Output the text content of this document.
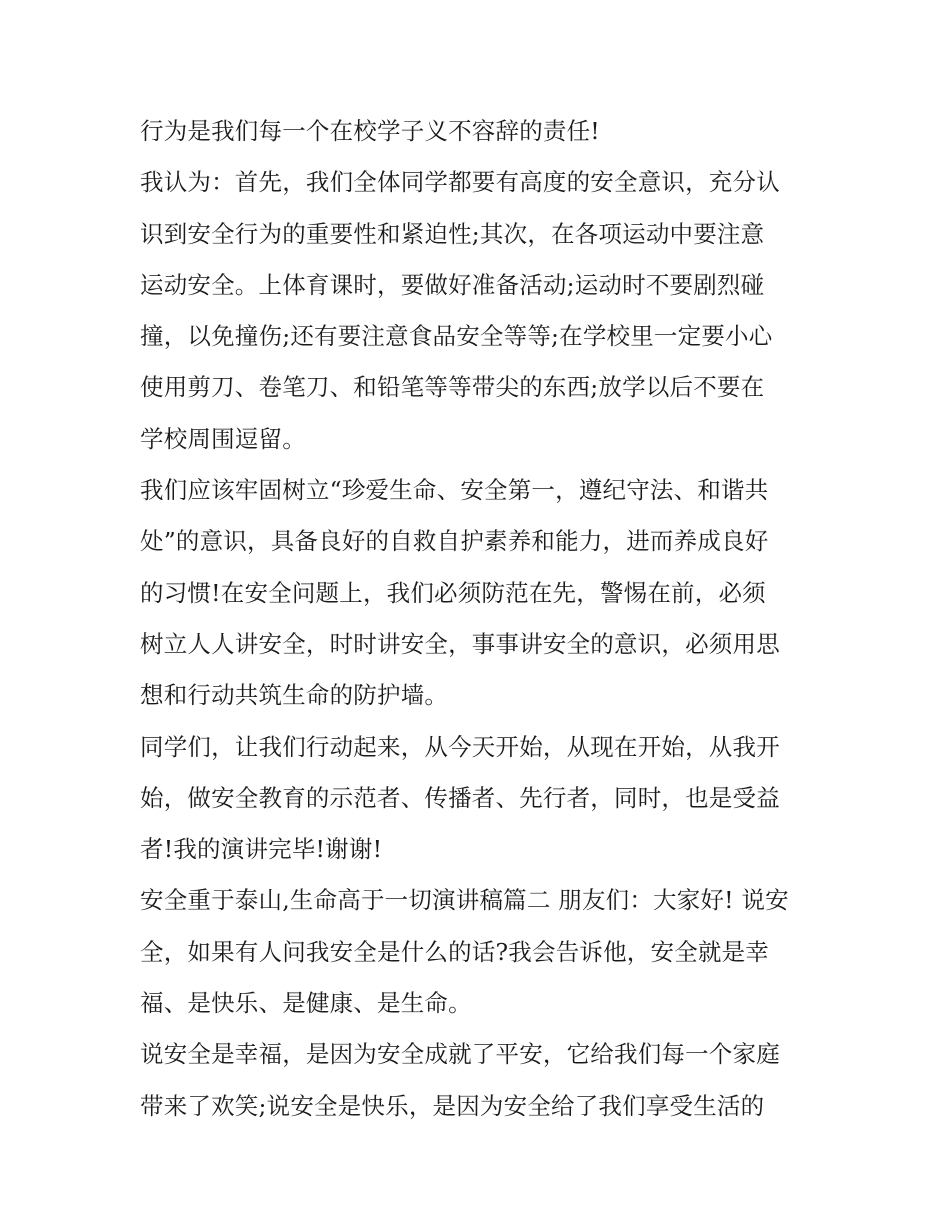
行为是我们每一个在校学子义不容辞的责任!
我认为：首先，我们全体同学都要有高度的安全意识，充分认
识到安全行为的重要性和紧迫性;其次，在各项运动中要注意
运动安全。上体育课时，要做好准备活动;运动时不要剧烈碰
撞，以免撞伤;还有要注意食品安全等等;在学校里一定要小心
使用剪刀、卷笔刀、和铅笔等等带尖的东西;放学以后不要在
学校周围逗留。
我们应该牢固树立“珍爱生命、安全第一，遵纪守法、和谐共
处”的意识，具备良好的自救自护素养和能力，进而养成良好
的习惯!在安全问题上，我们必须防范在先，警惕在前，必须
树立人人讲安全，时时讲安全，事事讲安全的意识，必须用思
想和行动共筑生命的防护墙。
同学们，让我们行动起来，从今天开始，从现在开始，从我开
始，做安全教育的示范者、传播者、先行者，同时，也是受益
者!我的演讲完毕!谢谢!
安全重于泰山,生命高于一切演讲稿篇二 朋友们：大家好! 说安
全，如果有人问我安全是什么的话?我会告诉他，安全就是幸
福、是快乐、是健康、是生命。
说安全是幸福，是因为安全成就了平安，它给我们每一个家庭
带来了欢笑;说安全是快乐，是因为安全给了我们享受生活的
